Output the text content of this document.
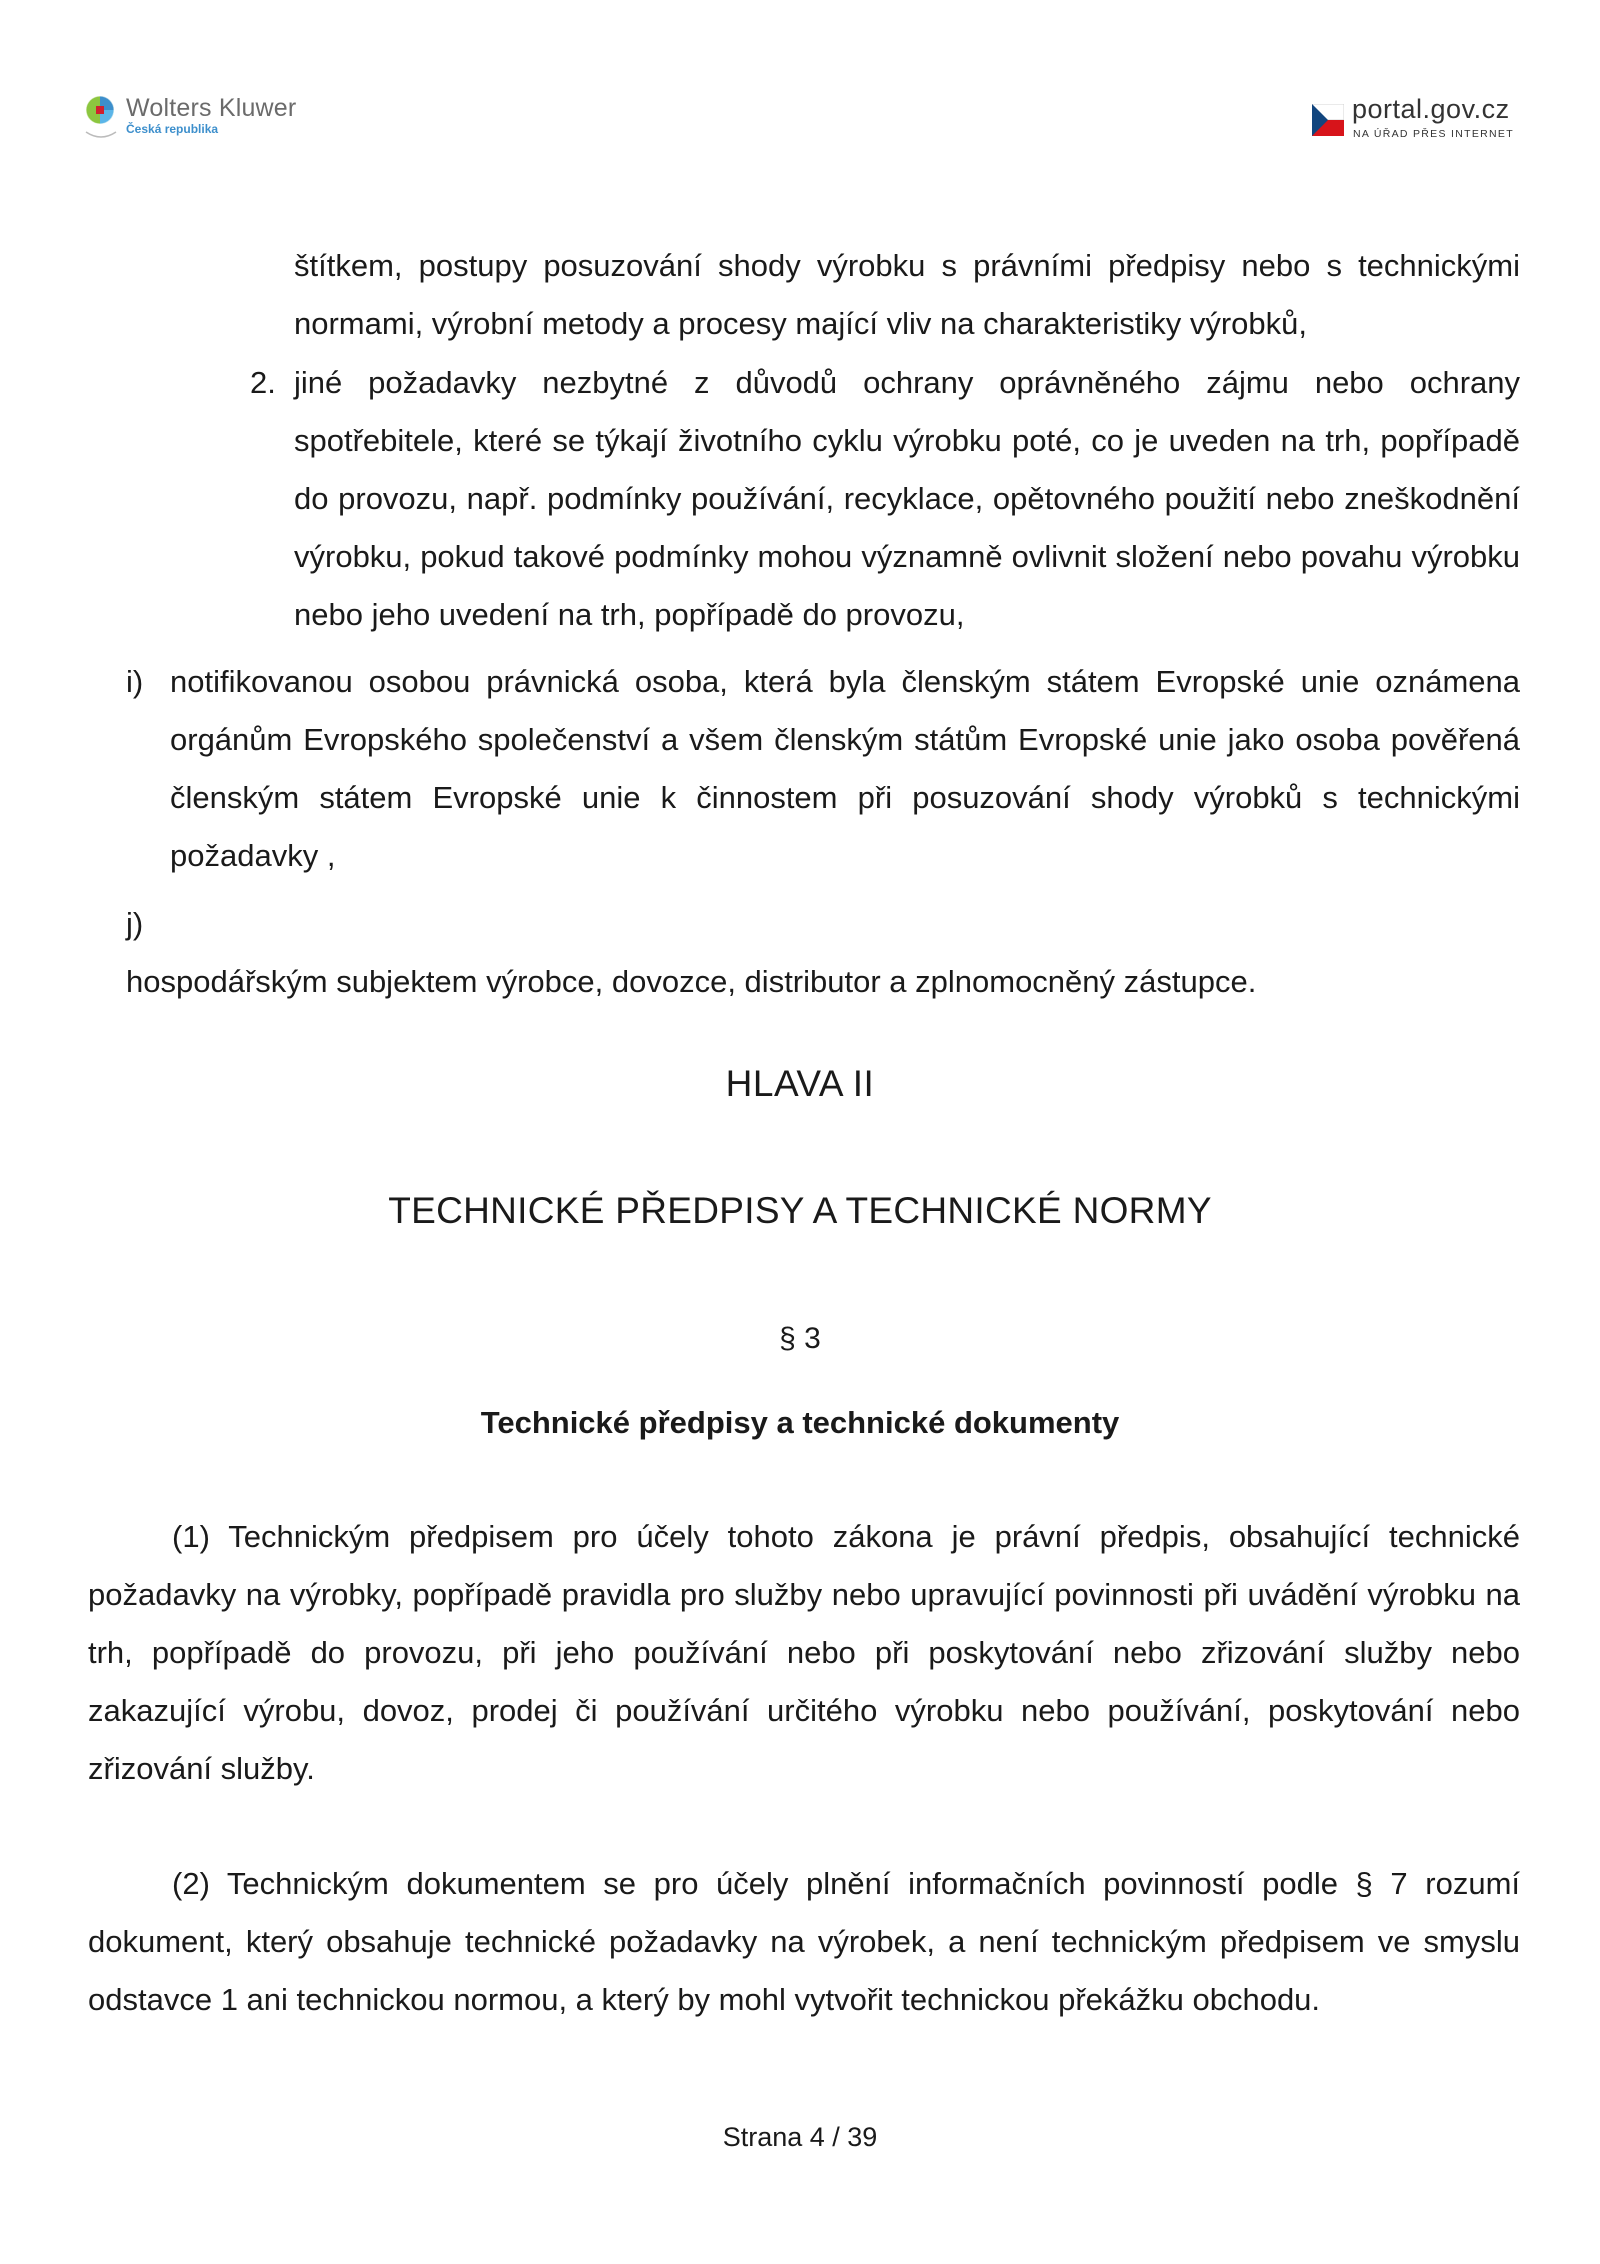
Wolters Kluwer
Česká republika
portal.gov.cz
NA ÚŘAD PŘES INTERNET

štítkem, postupy posuzování shody výrobku s právními předpisy nebo s technickými normami, výrobní metody a procesy mající vliv na charakteristiky výrobků,

2. jiné požadavky nezbytné z důvodů ochrany oprávněného zájmu nebo ochrany spotřebitele, které se týkají životního cyklu výrobku poté, co je uveden na trh, popřípadě do provozu, např. podmínky používání, recyklace, opětovného použití nebo zneškodnění výrobku, pokud takové podmínky mohou významně ovlivnit složení nebo povahu výrobku nebo jeho uvedení na trh, popřípadě do provozu,
i) notifikovanou osobou právnická osoba, která byla členským státem Evropské unie oznámena orgánům Evropského společenství a všem členským státům Evropské unie jako osoba pověřená členským státem Evropské unie k činnostem při posuzování shody výrobků s technickými požadavky ,
j)
hospodářským subjektem výrobce, dovozce, distributor a zplnomocněný zástupce.

HLAVA II

TECHNICKÉ PŘEDPISY A TECHNICKÉ NORMY

§ 3

Technické předpisy a technické dokumenty

(1) Technickým předpisem pro účely tohoto zákona je právní předpis, obsahující technické požadavky na výrobky, popřípadě pravidla pro služby nebo upravující povinnosti při uvádění výrobku na trh, popřípadě do provozu, při jeho používání nebo při poskytování nebo zřizování služby nebo zakazující výrobu, dovoz, prodej či používání určitého výrobku nebo používání, poskytování nebo zřizování služby.

(2) Technickým dokumentem se pro účely plnění informačních povinností podle § 7 rozumí dokument, který obsahuje technické požadavky na výrobek, a není technickým předpisem ve smyslu odstavce 1 ani technickou normou, a který by mohl vytvořit technickou překážku obchodu.

Strana 4 / 39
